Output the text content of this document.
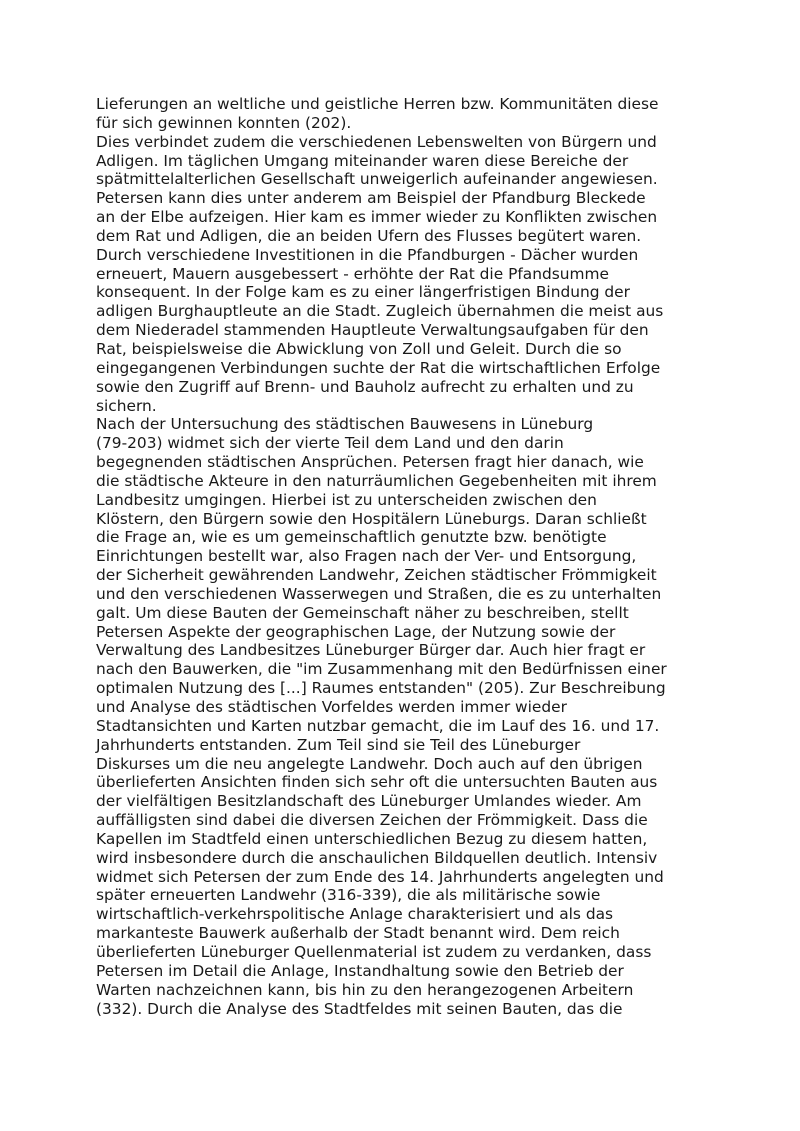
Lieferungen an weltliche und geistliche Herren bzw. Kommunitäten diese
für sich gewinnen konnten (202).
Dies verbindet zudem die verschiedenen Lebenswelten von Bürgern und
Adligen. Im täglichen Umgang miteinander waren diese Bereiche der
spätmittelalterlichen Gesellschaft unweigerlich aufeinander angewiesen.
Petersen kann dies unter anderem am Beispiel der Pfandburg Bleckede
an der Elbe aufzeigen. Hier kam es immer wieder zu Konflikten zwischen
dem Rat und Adligen, die an beiden Ufern des Flusses begütert waren.
Durch verschiedene Investitionen in die Pfandburgen - Dächer wurden
erneuert, Mauern ausgebessert - erhöhte der Rat die Pfandsumme
konsequent. In der Folge kam es zu einer längerfristigen Bindung der
adligen Burghauptleute an die Stadt. Zugleich übernahmen die meist aus
dem Niederadel stammenden Hauptleute Verwaltungsaufgaben für den
Rat, beispielsweise die Abwicklung von Zoll und Geleit. Durch die so
eingegangenen Verbindungen suchte der Rat die wirtschaftlichen Erfolge
sowie den Zugriff auf Brenn- und Bauholz aufrecht zu erhalten und zu
sichern.
Nach der Untersuchung des städtischen Bauwesens in Lüneburg
(79-203) widmet sich der vierte Teil dem Land und den darin
begegnenden städtischen Ansprüchen. Petersen fragt hier danach, wie
die städtische Akteure in den naturräumlichen Gegebenheiten mit ihrem
Landbesitz umgingen. Hierbei ist zu unterscheiden zwischen den
Klöstern, den Bürgern sowie den Hospitälern Lüneburgs. Daran schließt
die Frage an, wie es um gemeinschaftlich genutzte bzw. benötigte
Einrichtungen bestellt war, also Fragen nach der Ver- und Entsorgung,
der Sicherheit gewährenden Landwehr, Zeichen städtischer Frömmigkeit
und den verschiedenen Wasserwegen und Straßen, die es zu unterhalten
galt. Um diese Bauten der Gemeinschaft näher zu beschreiben, stellt
Petersen Aspekte der geographischen Lage, der Nutzung sowie der
Verwaltung des Landbesitzes Lüneburger Bürger dar. Auch hier fragt er
nach den Bauwerken, die "im Zusammenhang mit den Bedürfnissen einer
optimalen Nutzung des [...] Raumes entstanden" (205). Zur Beschreibung
und Analyse des städtischen Vorfeldes werden immer wieder
Stadtansichten und Karten nutzbar gemacht, die im Lauf des 16. und 17.
Jahrhunderts entstanden. Zum Teil sind sie Teil des Lüneburger
Diskurses um die neu angelegte Landwehr. Doch auch auf den übrigen
überlieferten Ansichten finden sich sehr oft die untersuchten Bauten aus
der vielfältigen Besitzlandschaft des Lüneburger Umlandes wieder. Am
auffälligsten sind dabei die diversen Zeichen der Frömmigkeit. Dass die
Kapellen im Stadtfeld einen unterschiedlichen Bezug zu diesem hatten,
wird insbesondere durch die anschaulichen Bildquellen deutlich. Intensiv
widmet sich Petersen der zum Ende des 14. Jahrhunderts angelegten und
später erneuerten Landwehr (316-339), die als militärische sowie
wirtschaftlich-verkehrspolitische Anlage charakterisiert und als das
markanteste Bauwerk außerhalb der Stadt benannt wird. Dem reich
überlieferten Lüneburger Quellenmaterial ist zudem zu verdanken, dass
Petersen im Detail die Anlage, Instandhaltung sowie den Betrieb der
Warten nachzeichnen kann, bis hin zu den herangezogenen Arbeitern
(332). Durch die Analyse des Stadtfeldes mit seinen Bauten, das die
